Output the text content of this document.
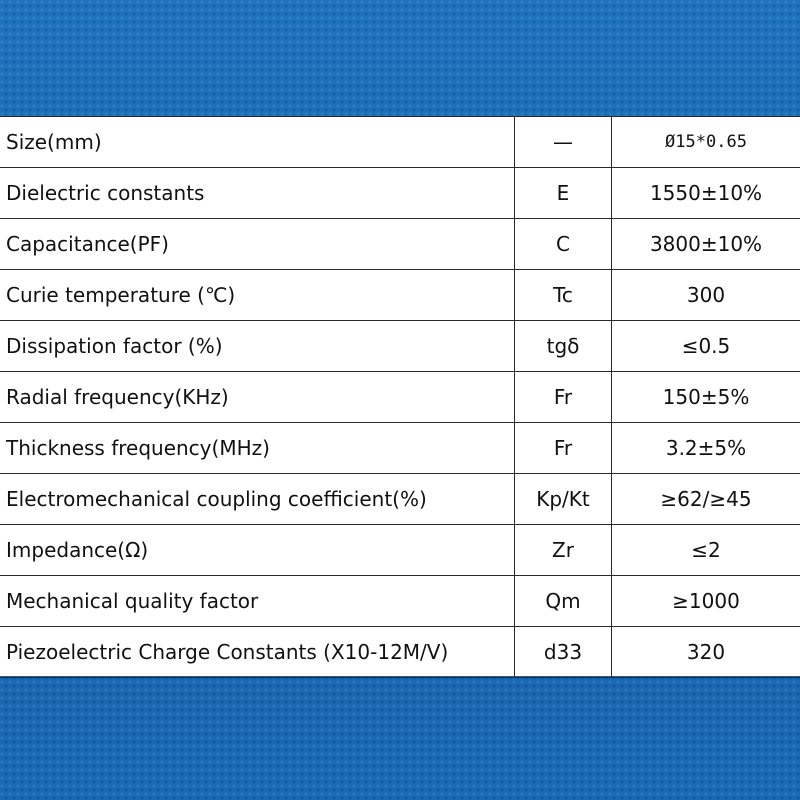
Size(mm)	—	Ø15*0.65
Dielectric constants	E	1550±10%
Capacitance(PF)	C	3800±10%
Curie temperature (℃)	Tc	300
Dissipation factor (%)	tgδ	≤0.5
Radial frequency(KHz)	Fr	150±5%
Thickness frequency(MHz)	Fr	3.2±5%
Electromechanical coupling coefficient(%)	Kp/Kt	≥62/≥45
Impedance(Ω)	Zr	≤2
Mechanical quality factor	Qm	≥1000
Piezoelectric Charge Constants (X10-12M/V)	d33	320
